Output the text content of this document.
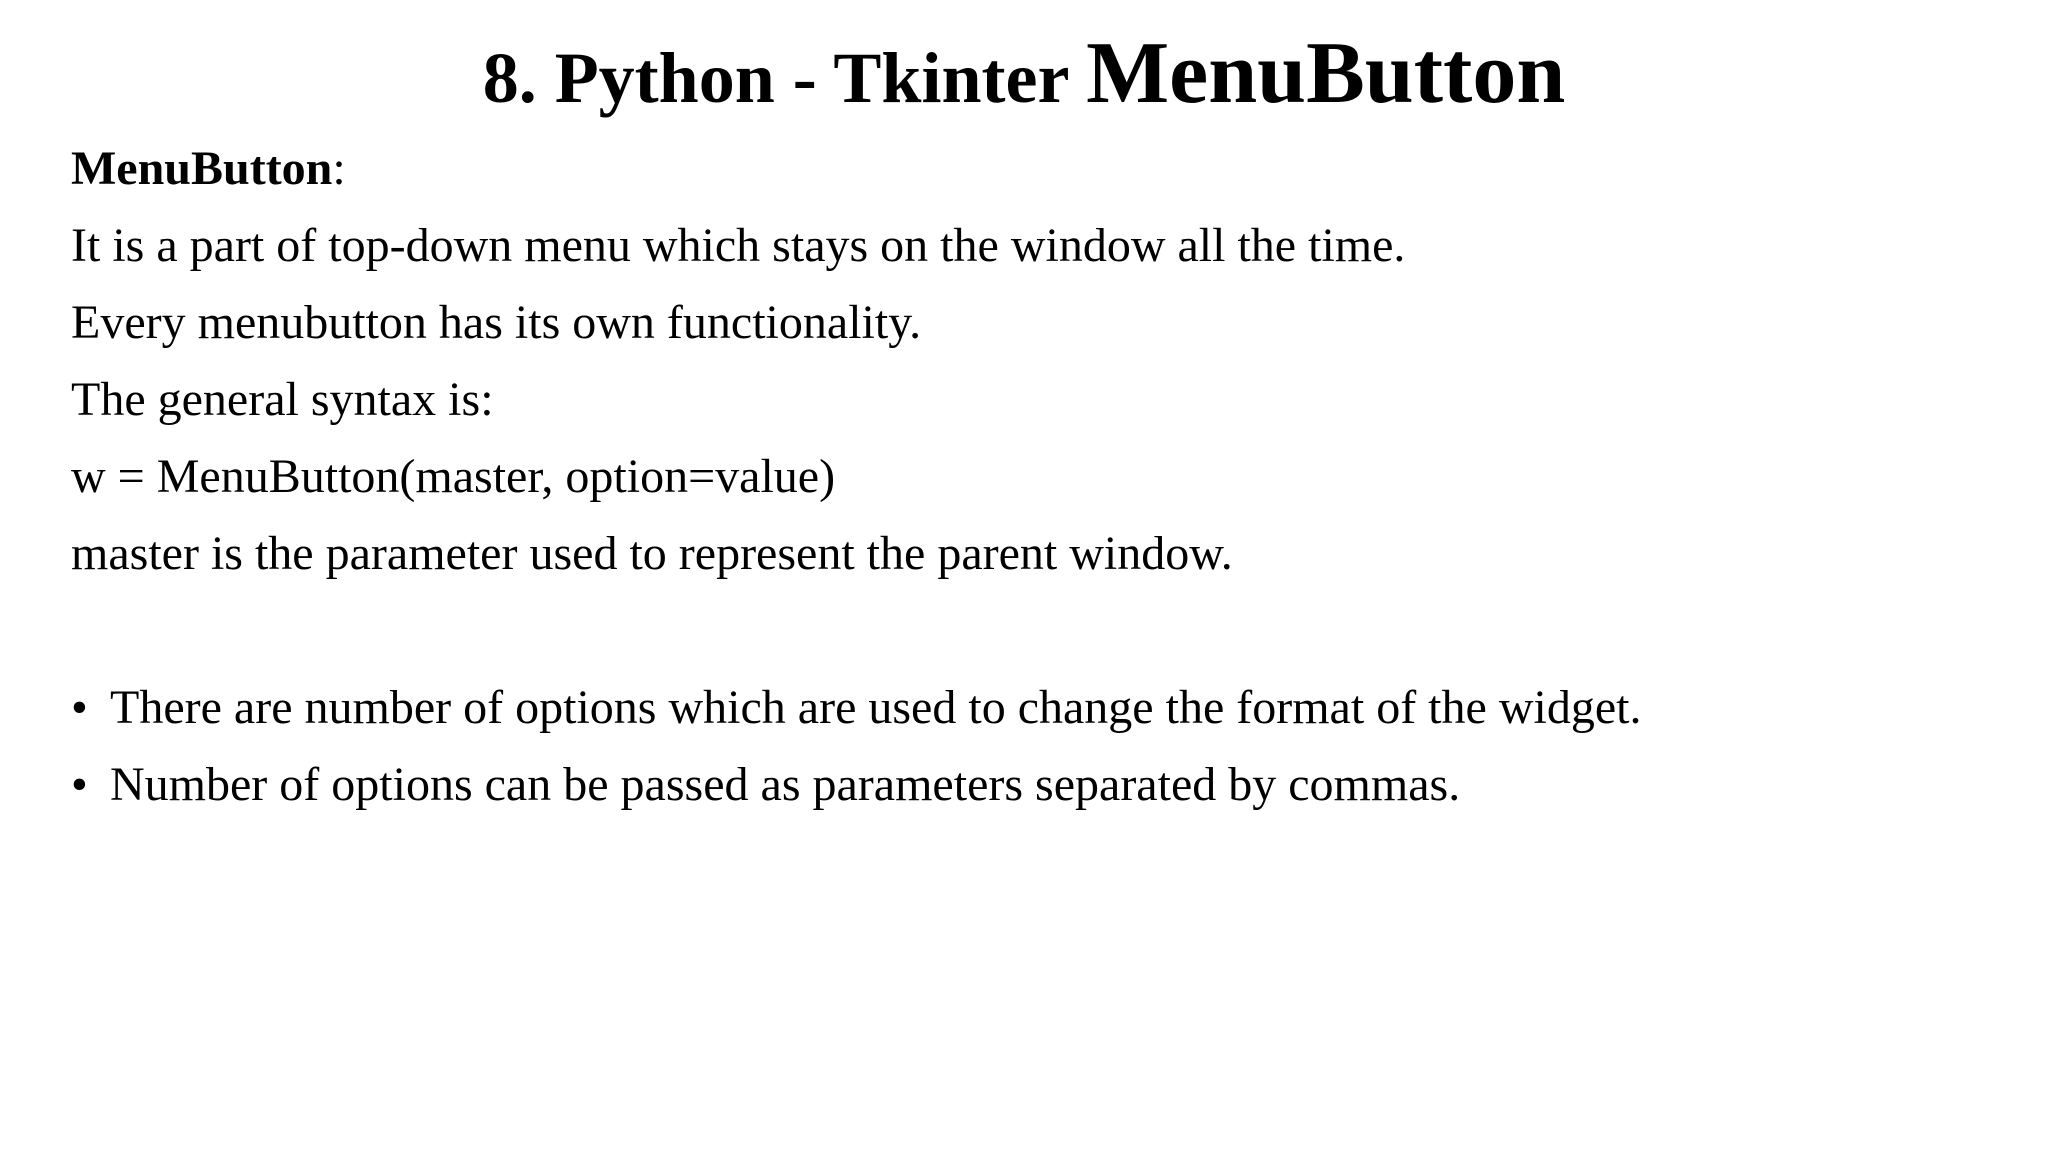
8. Python - Tkinter MenuButton
MenuButton:
It is a part of top-down menu which stays on the window all the time.
Every menubutton has its own functionality.
The general syntax is:
w = MenuButton(master, option=value)
master is the parameter used to represent the parent window.
• There are number of options which are used to change the format of the widget.
• Number of options can be passed as parameters separated by commas.
